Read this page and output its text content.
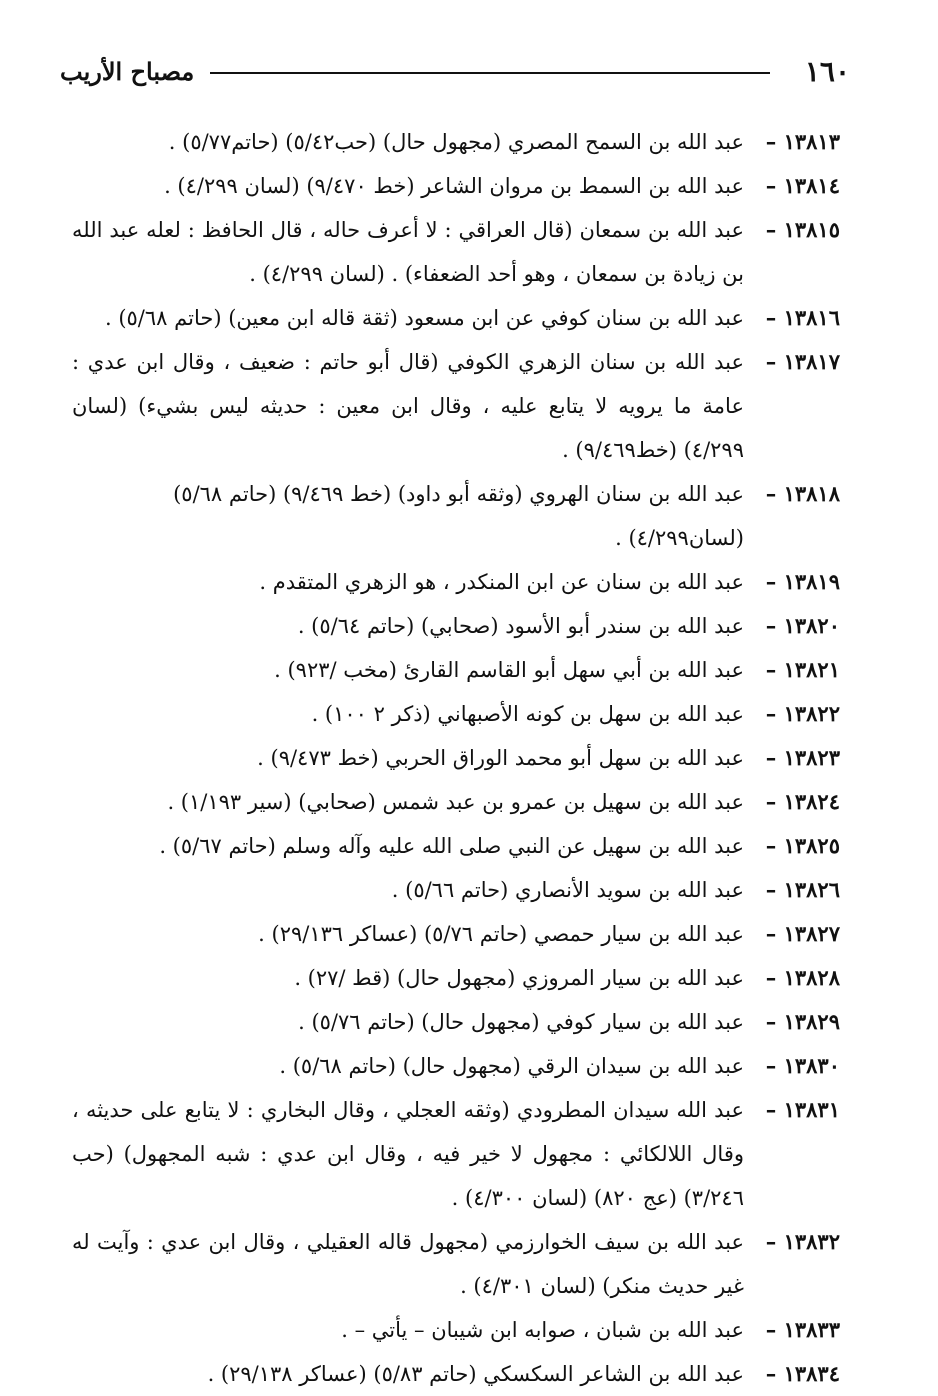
١٦٠
مصباح الأريب
١٣٨١٣ –
عبد الله بن السمح المصري (مجهول حال) (حب٥/٤٢) (حاتم٥/٧٧) .
١٣٨١٤ –
عبد الله بن السمط بن مروان الشاعر (خط ٩/٤٧٠) (لسان ٤/٢٩٩) .
١٣٨١٥ –
عبد الله بن سمعان (قال العراقي : لا أعرف حاله ، قال الحافظ : لعله عبد الله بن زيادة بن سمعان ، وهو أحد الضعفاء) . (لسان ٤/٢٩٩) .
١٣٨١٦ –
عبد الله بن سنان كوفي عن ابن مسعود (ثقة قاله ابن معين) (حاتم ٥/٦٨) .
١٣٨١٧ –
عبد الله بن سنان الزهري الكوفي (قال أبو حاتم : ضعيف ، وقال ابن عدي : عامة ما يرويه لا يتابع عليه ، وقال ابن معين : حديثه ليس بشيء) (لسان ٤/٢٩٩) (خط٩/٤٦٩) .
١٣٨١٨ –
عبد الله بن سنان الهروي (وثقه أبو داود) (خط ٩/٤٦٩) (حاتم ٥/٦٨) (لسان٤/٢٩٩) .
١٣٨١٩ –
عبد الله بن سنان عن ابن المنكدر ، هو الزهري المتقدم .
١٣٨٢٠ –
عبد الله بن سندر أبو الأسود (صحابي) (حاتم ٥/٦٤) .
١٣٨٢١ –
عبد الله بن أبي سهل أبو القاسم القارئ (مخب /٩٢٣) .
١٣٨٢٢ –
عبد الله بن سهل بن كونه الأصبهاني (ذكر ٢ ١٠٠) .
١٣٨٢٣ –
عبد الله بن سهل أبو محمد الوراق الحربي (خط ٩/٤٧٣) .
١٣٨٢٤ –
عبد الله بن سهيل بن عمرو بن عبد شمس (صحابي) (سير ١/١٩٣) .
١٣٨٢٥ –
عبد الله بن سهيل عن النبي صلى الله عليه وآله وسلم (حاتم ٥/٦٧) .
١٣٨٢٦ –
عبد الله بن سويد الأنصاري (حاتم ٥/٦٦) .
١٣٨٢٧ –
عبد الله بن سيار حمصي (حاتم ٥/٧٦) (عساكر ٢٩/١٣٦) .
١٣٨٢٨ –
عبد الله بن سيار المروزي (مجهول حال) (قط /٢٧) .
١٣٨٢٩ –
عبد الله بن سيار كوفي (مجهول حال) (حاتم ٥/٧٦) .
١٣٨٣٠ –
عبد الله بن سيدان الرقي (مجهول حال) (حاتم ٥/٦٨) .
١٣٨٣١ –
عبد الله سيدان المطرودي (وثقه العجلي ، وقال البخاري : لا يتابع على حديثه ، وقال اللالكائي : مجهول لا خير فيه ، وقال ابن عدي : شبه المجهول) (حب ٣/٢٤٦) (عج ٨٢٠) (لسان ٤/٣٠٠) .
١٣٨٣٢ –
عبد الله بن سيف الخوارزمي (مجهول قاله العقيلي ، وقال ابن عدي : وآيت له غير حديث منكر) (لسان ٤/٣٠١) .
١٣٨٣٣ –
عبد الله بن شبان ، صوابه ابن شيبان – يأتي – .
١٣٨٣٤ –
عبد الله بن الشاعر السكسكي (حاتم ٥/٨٣) (عساكر ٢٩/١٣٨) .
